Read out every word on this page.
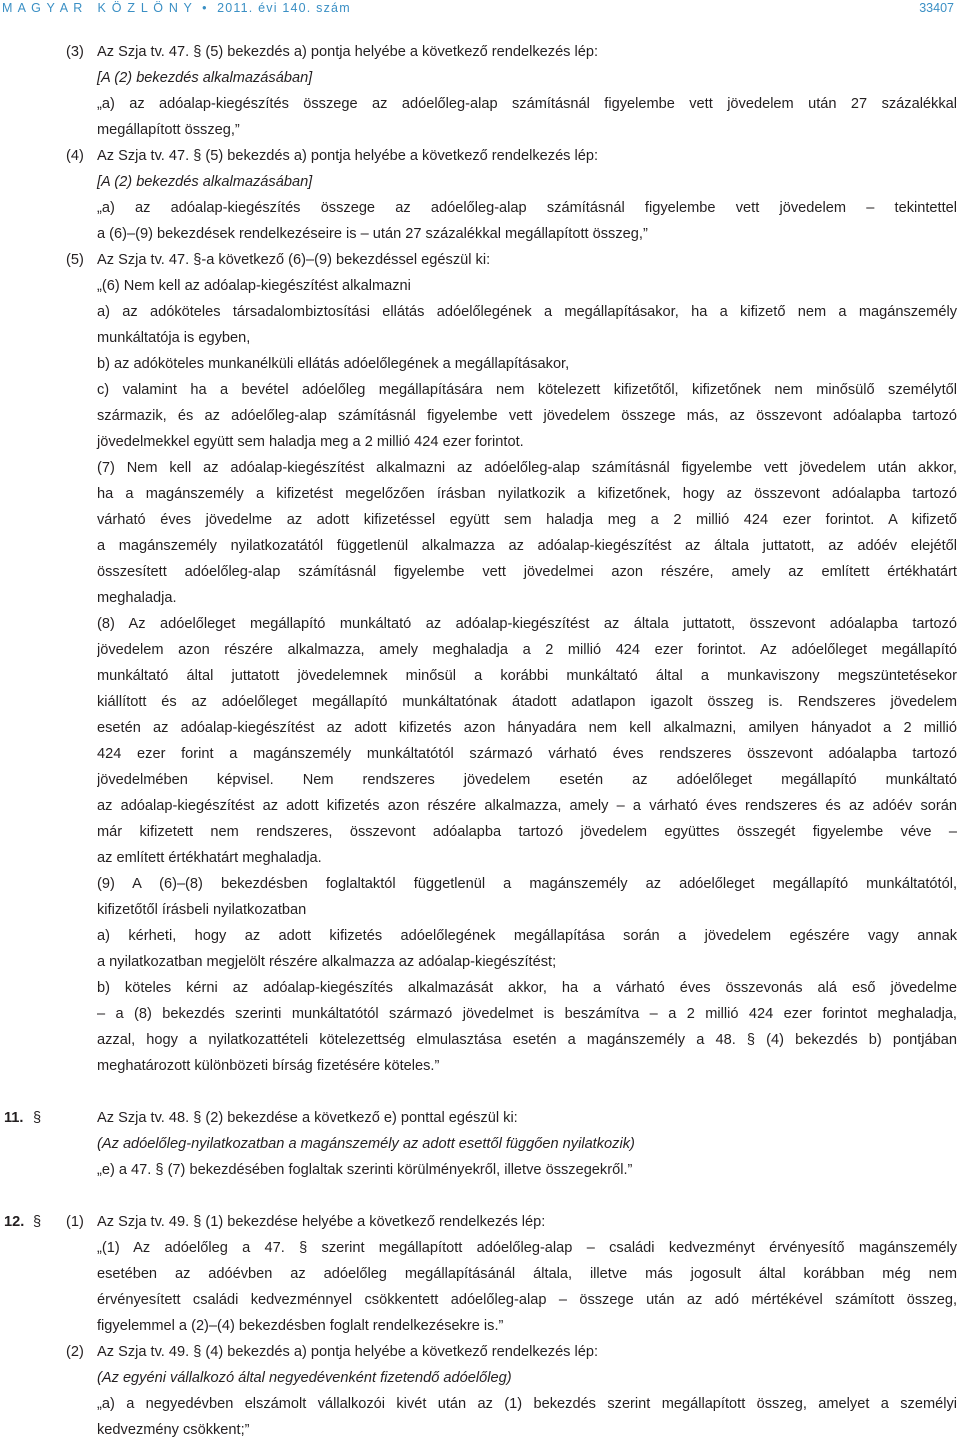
M A G Y A R   K Ö Z L Ö N Y  •  2011. évi 140. szám	33407
(3) Az Szja tv. 47. § (5) bekezdés a) pontja helyébe a következő rendelkezés lép:
[A (2) bekezdés alkalmazásában]
„a) az adóalap-kiegészítés összege az adóelőleg-alap számításnál figyelembe vett jövedelem után 27 százalékkal
megállapított összeg,”
(4) Az Szja tv. 47. § (5) bekezdés a) pontja helyébe a következő rendelkezés lép:
[A (2) bekezdés alkalmazásában]
„a) az adóalap-kiegészítés összege az adóelőleg-alap számításnál figyelembe vett jövedelem – tekintettel
a (6)–(9) bekezdések rendelkezéseire is – után 27 százalékkal megállapított összeg,”
(5) Az Szja tv. 47. §-a következő (6)–(9) bekezdéssel egészül ki:
„(6) Nem kell az adóalap-kiegészítést alkalmazni
a) az adóköteles társadalombiztosítási ellátás adóelőlegének a megállapításakor, ha a kifizető nem a magánszemély
munkáltatója is egyben,
b) az adóköteles munkanélküli ellátás adóelőlegének a megállapításakor,
c) valamint ha a bevétel adóelőleg megállapítására nem kötelezett kifizetőtől, kifizetőnek nem minősülő személytől
származik, és az adóelőleg-alap számításnál figyelembe vett jövedelem összege más, az összevont adóalapba tartozó
jövedelmekkel együtt sem haladja meg a 2 millió 424 ezer forintot.
(7) Nem kell az adóalap-kiegészítést alkalmazni az adóelőleg-alap számításnál figyelembe vett jövedelem után akkor,
ha a magánszemély a kifizetést megelőzően írásban nyilatkozik a kifizetőnek, hogy az összevont adóalapba tartozó
várható éves jövedelme az adott kifizetéssel együtt sem haladja meg a 2 millió 424 ezer forintot. A kifizető
a magánszemély nyilatkozatától függetlenül alkalmazza az adóalap-kiegészítést az általa juttatott, az adóév elejétől
összesített adóelőleg-alap számításnál figyelembe vett jövedelmei azon részére, amely az említett értékhatárt
meghaladja.
(8) Az adóelőleget megállapító munkáltató az adóalap-kiegészítést az általa juttatott, összevont adóalapba tartozó
jövedelem azon részére alkalmazza, amely meghaladja a 2 millió 424 ezer forintot. Az adóelőleget megállapító
munkáltató által juttatott jövedelemnek minősül a korábbi munkáltató által a munkaviszony megszüntetésekor
kiállított és az adóelőleget megállapító munkáltatónak átadott adatlapon igazolt összeg is. Rendszeres jövedelem
esetén az adóalap-kiegészítést az adott kifizetés azon hányadára nem kell alkalmazni, amilyen hányadot a 2 millió
424 ezer forint a magánszemély munkáltatótól származó várható éves rendszeres összevont adóalapba tartozó
jövedelmében képvisel. Nem rendszeres jövedelem esetén az adóelőleget megállapító munkáltató
az adóalap-kiegészítést az adott kifizetés azon részére alkalmazza, amely – a várható éves rendszeres és az adóév során
már kifizetett nem rendszeres, összevont adóalapba tartozó jövedelem együttes összegét figyelembe véve –
az említett értékhatárt meghaladja.
(9) A (6)–(8) bekezdésben foglaltaktól függetlenül a magánszemély az adóelőleget megállapító munkáltatótól,
kifizetőtől írásbeli nyilatkozatban
a) kérheti, hogy az adott kifizetés adóelőlegének megállapítása során a jövedelem egészére vagy annak
a nyilatkozatban megjelölt részére alkalmazza az adóalap-kiegészítést;
b) köteles kérni az adóalap-kiegészítés alkalmazását akkor, ha a várható éves összevonás alá eső jövedelme
– a (8) bekezdés szerinti munkáltatótól származó jövedelmet is beszámítva – a 2 millió 424 ezer forintot meghaladja,
azzal, hogy a nyilatkozattételi kötelezettség elmulasztása esetén a magánszemély a 48. § (4) bekezdés b) pontjában
meghatározott különbözeti bírság fizetésére köteles.”
11. §	Az Szja tv. 48. § (2) bekezdése a következő e) ponttal egészül ki:
(Az adóelőleg-nyilatkozatban a magánszemély az adott esettől függően nyilatkozik)
„e) a 47. § (7) bekezdésében foglaltak szerinti körülményekről, illetve összegekről.”
12. § (1) Az Szja tv. 49. § (1) bekezdése helyébe a következő rendelkezés lép:
„(1) Az adóelőleg a 47. § szerint megállapított adóelőleg-alap – családi kedvezményt érvényesítő magánszemély
esetében az adóévben az adóelőleg megállapításánál általa, illetve más jogosult által korábban még nem
érvényesített családi kedvezménnyel csökkentett adóelőleg-alap – összege után az adó mértékével számított összeg,
figyelemmel a (2)–(4) bekezdésben foglalt rendelkezésekre is.”
(2) Az Szja tv. 49. § (4) bekezdés a) pontja helyébe a következő rendelkezés lép:
(Az egyéni vállalkozó által negyedévenként fizetendő adóelőleg)
„a) a negyedévben elszámolt vállalkozói kivét után az (1) bekezdés szerint megállapított összeg, amelyet a személyi
kedvezmény csökkent;”
